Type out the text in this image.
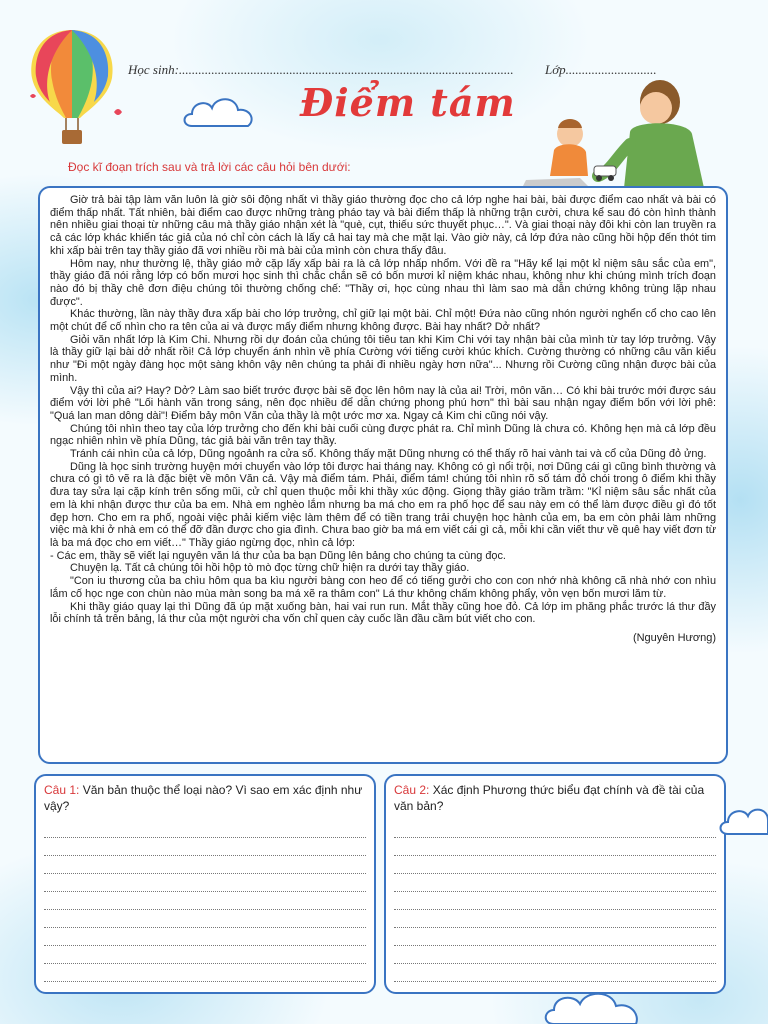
Học sinh:....................................................................................................... Lớp............................
Điểm tám
Đọc kĩ đoạn trích sau và trả lời các câu hỏi bên dưới:

Giờ trả bài tập làm văn luôn là giờ sôi động nhất vì thầy giáo thường đọc cho cả lớp nghe hai bài, bài được điểm cao nhất và bài có điểm thấp nhất. Tất nhiên, bài điểm cao được những tràng pháo tay và bài điểm thấp là những trận cười, chưa kể sau đó còn hình thành nên nhiều giai thoại từ những câu mà thầy giáo nhận xét là "què, cụt, thiếu sức thuyết phục…". Và giai thoại này đôi khi còn lan truyền ra cả các lớp khác khiến tác giả của nó chỉ còn cách là lấy cả hai tay mà che mặt lại. Vào giờ này, cả lớp đứa nào cũng hồi hộp đến thót tim khi xấp bài trên tay thầy giáo đã vơi nhiều rồi mà bài của mình còn chưa thấy đâu.

Hôm nay, như thường lệ, thầy giáo mở cặp lấy xấp bài ra là cả lớp nhấp nhổm. Với đề ra "Hãy kể lại một kỉ niệm sâu sắc của em", thầy giáo đã nói rằng lớp có bốn mươi học sinh thì chắc chắn sẽ có bốn mươi kỉ niệm khác nhau, không như khi chúng mình trích đoạn nào đó bị thầy chê đơn điệu chúng tôi thường chống chế: "Thầy ơi, học cùng nhau thì làm sao mà dẫn chứng không trùng lặp nhau được".

Khác thường, lần này thầy đưa xấp bài cho lớp trưởng, chỉ giữ lại một bài. Chỉ một! Đứa nào cũng nhón người nghển cổ cho cao lên một chút để cố nhìn cho ra tên của ai và được mấy điểm nhưng không được. Bài hay nhất? Dở nhất?

Giỏi văn nhất lớp là Kim Chi. Nhưng rồi dự đoán của chúng tôi tiêu tan khi Kim Chi với tay nhận bài của mình từ tay lớp trưởng. Vậy là thầy giữ lại bài dở nhất rồi! Cả lớp chuyển ánh nhìn về phía Cường với tiếng cười khúc khích. Cường thường có những câu văn kiểu như "Đi một ngày đàng học một sàng khôn vậy nên chúng ta phải đi nhiều ngày hơn nữa"... Nhưng rồi Cường cũng nhận được bài của mình.

Vậy thì của ai? Hay? Dở? Làm sao biết trước được bài sẽ đọc lên hôm nay là của ai! Trời, môn văn… Có khi bài trước mới được sáu điểm với lời phê "Lối hành văn trong sáng, nên đọc nhiều để dẫn chứng phong phú hơn" thì bài sau nhận ngay điểm bốn với lời phê: "Quá lan man dông dài"! Điểm bảy môn Văn của thầy là một ước mơ xa. Ngay cả Kim chi cũng nói vậy.

Chúng tôi nhìn theo tay của lớp trưởng cho đến khi bài cuối cùng được phát ra. Chỉ mình Dũng là chưa có. Không hẹn mà cả lớp đều ngạc nhiên nhìn về phía Dũng, tác giả bài văn trên tay thầy.

Tránh cái nhìn của cả lớp, Dũng ngoảnh ra cửa sổ. Không thấy mặt Dũng nhưng có thể thấy rõ hai vành tai và cổ của Dũng đỏ ửng.

Dũng là học sinh trường huyện mới chuyển vào lớp tôi được hai tháng nay. Không có gì nổi trội, nơi Dũng cái gì cũng bình thường và chưa có gì tô vẽ ra là đặc biệt về môn Văn cả. Vậy mà điểm tám. Phải, điểm tám! chúng tôi nhìn rõ số tám đỏ chói trong ô điểm khi thầy đưa tay sửa lại cặp kính trên sống mũi, cử chỉ quen thuộc mỗi khi thầy xúc động. Giọng thầy giáo trầm trầm: "Kỉ niệm sâu sắc nhất của em là khi nhận được thư của ba em. Nhà em nghèo lắm nhưng ba má cho em ra phố học để sau này em có thể làm được điều gì đó tốt đẹp hơn. Cho em ra phố, ngoài việc phải kiếm việc làm thêm để có tiền trang trải chuyện học hành của em, ba em còn phải làm những việc mà khi ở nhà em có thể đỡ đần được cho gia đình. Chưa bao giờ ba má em viết cái gì cả, mỗi khi cần viết thư về quê hay viết đơn từ là ba má đọc cho em viết…" Thầy giáo ngừng đọc, nhìn cả lớp:

- Các em, thầy sẽ viết lại nguyên văn lá thư của ba bạn Dũng lên bảng cho chúng ta cùng đọc.

Chuyện lạ. Tất cả chúng tôi hồi hộp tò mò đọc từng chữ hiện ra dưới tay thầy giáo.

"Con iu thương của ba chìu hôm qua ba kìu người bàng con heo để có tiếng gưởi cho con con nhớ nhà không cã nhà nhớ con nhìu lắm cố học nge con chùn nào mùa màn song ba má xẽ ra thâm con" Lá thư không chấm không phẩy, vỏn vẹn bốn mươi lăm từ.

Khi thầy giáo quay lại thì Dũng đã úp mặt xuống bàn, hai vai run run. Mắt thầy cũng hoe đỏ. Cả lớp im phăng phắc trước lá thư đầy lỗi chính tả trên bảng, lá thư của một người cha vốn chỉ quen cày cuốc lần đầu cầm bút viết cho con.

(Nguyên Hương)
Câu 1: Văn bản thuộc thể loại nào? Vì sao em xác định như vậy?
Câu 2: Xác định Phương thức biểu đạt chính và đề tài của văn bản?
